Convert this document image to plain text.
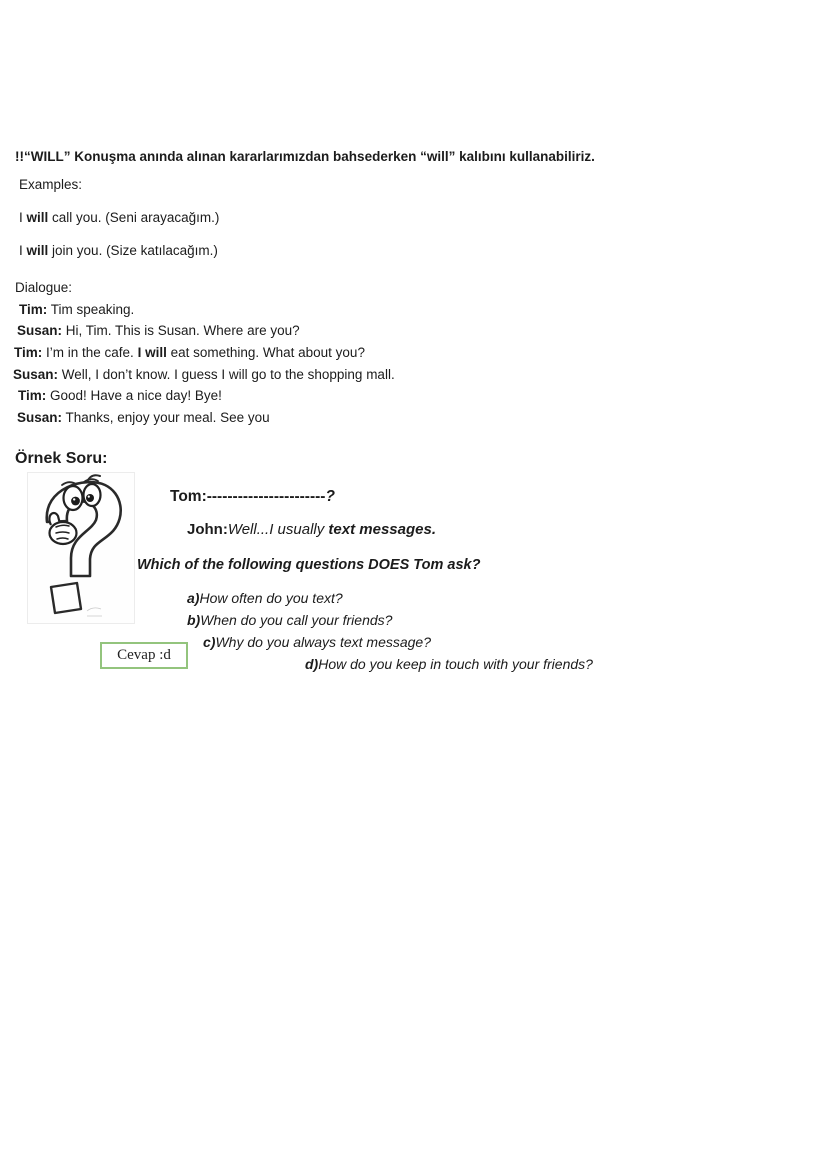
!!“WILL” Konuşma anında alınan kararlarımızdan bahsederken “will” kalıbını kullanabiliriz.

Examples:

I will call you. (Seni arayacağım.)

I will join you. (Size katılacağım.)

Dialogue:

Tim: Tim speaking.

Susan: Hi, Tim. This is Susan. Where are you?

Tim: I’m in the cafe. I will eat something. What about you?

Susan: Well, I don’t know. I guess I will go to the shopping mall.

Tim: Good! Have a nice day! Bye!

Susan: Thanks, enjoy your meal. See you

Örnek Soru:

Tom:-----------------------?

John:Well...I usually text messages.

Which of the following questions DOES Tom ask?

a)How often do you text?

b)When do you call your friends?

c)Why do you always text message?

d)How do you keep in touch with your friends?

Cevap :d
